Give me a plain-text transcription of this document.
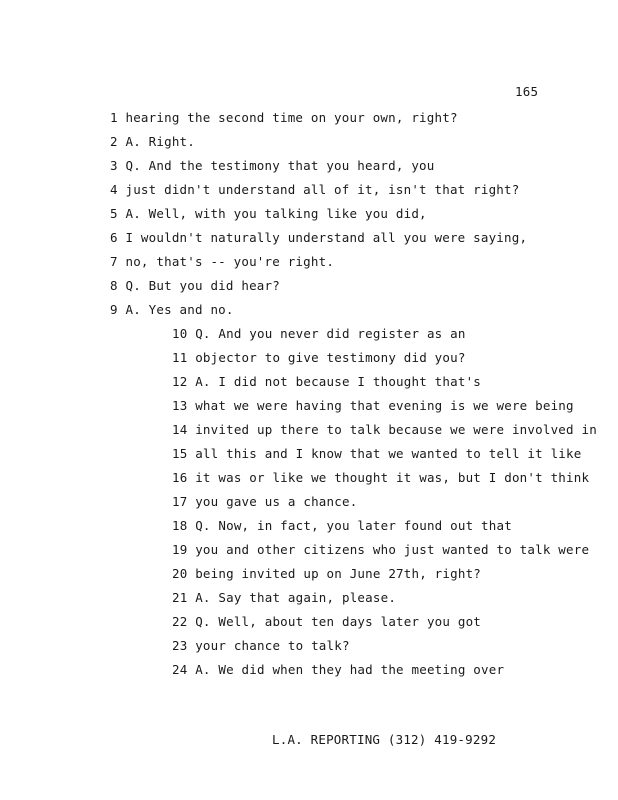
165
1 hearing the second time on your own, right?
2 A. Right.
3 Q. And the testimony that you heard, you
4 just didn't understand all of it, isn't that right?
5 A. Well, with you talking like you did,
6 I wouldn't naturally understand all you were saying,
7 no, that's -- you're right.
8 Q. But you did hear?
9 A. Yes and no.
10 Q. And you never did register as an
11 objector to give testimony did you?
12 A. I did not because I thought that's
13 what we were having that evening is we were being
14 invited up there to talk because we were involved in
15 all this and I know that we wanted to tell it like
16 it was or like we thought it was, but I don't think
17 you gave us a chance.
18 Q. Now, in fact, you later found out that
19 you and other citizens who just wanted to talk were
20 being invited up on June 27th, right?
21 A. Say that again, please.
22 Q. Well, about ten days later you got
23 your chance to talk?
24 A. We did when they had the meeting over
L.A. REPORTING (312) 419-9292
